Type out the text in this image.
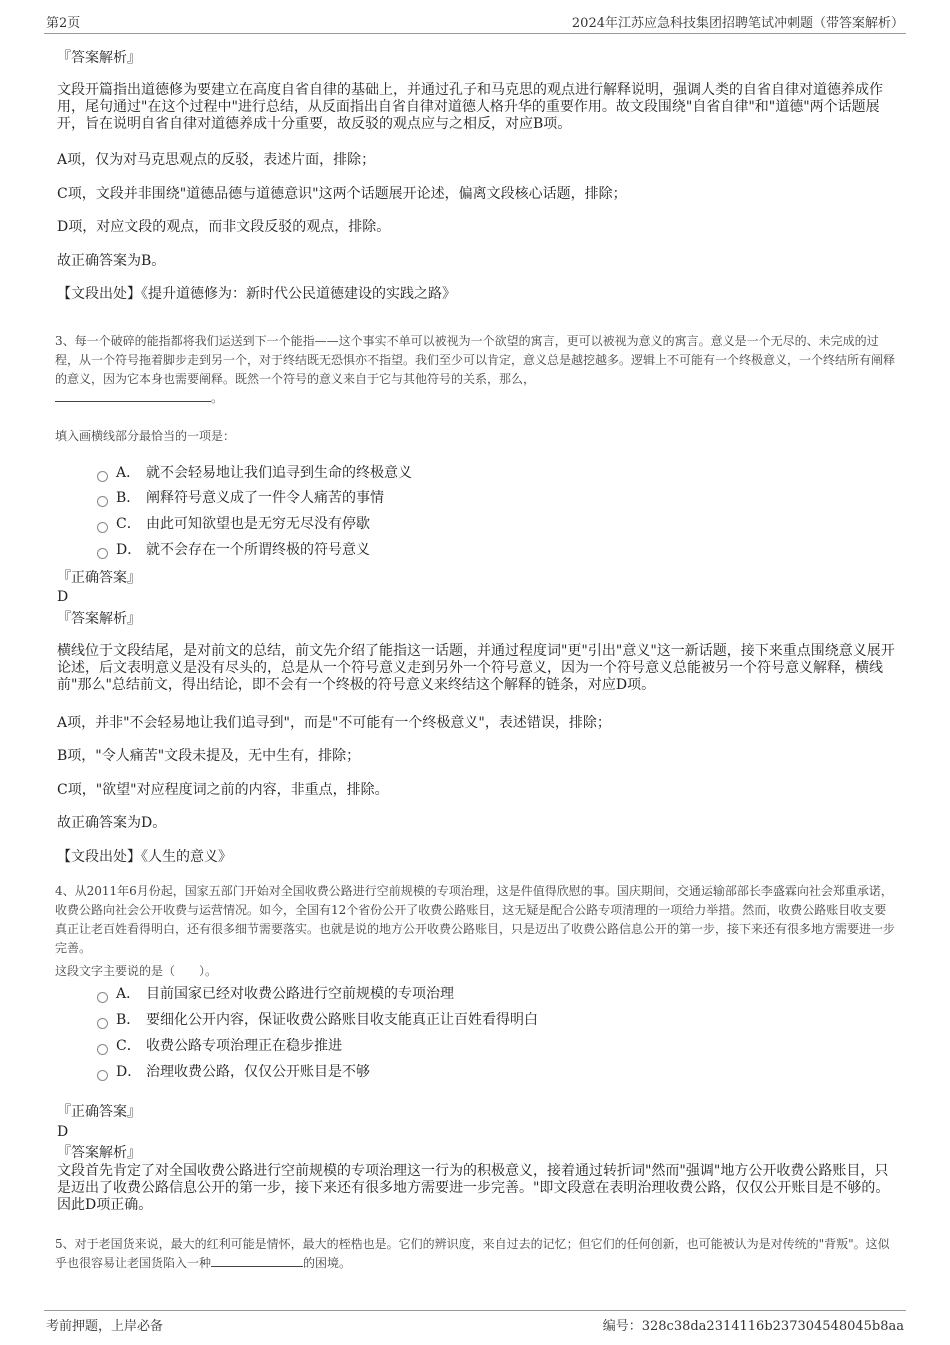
第2页	2024年江苏应急科技集团招聘笔试冲刺题（带答案解析）
『答案解析』
文段开篇指出道德修为要建立在高度自省自律的基础上，并通过孔子和马克思的观点进行解释说明，强调人类的自省自律对道德养成作用，尾句通过"在这个过程中"进行总结，从反面指出自省自律对道德人格升华的重要作用。故文段围绕"自省自律"和"道德"两个话题展开，旨在说明自省自律对道德养成十分重要，故反驳的观点应与之相反，对应B项。
A项，仅为对马克思观点的反驳，表述片面，排除；
C项，文段并非围绕"道德品德与道德意识"这两个话题展开论述，偏离文段核心话题，排除；
D项，对应文段的观点，而非文段反驳的观点，排除。
故正确答案为B。
【文段出处】《提升道德修为：新时代公民道德建设的实践之路》
3、每一个破碎的能指都将我们运送到下一个能指——这个事实不单可以被视为一个欲望的寓言，更可以被视为意义的寓言。意义是一个无尽的、未完成的过程，从一个符号拖着脚步走到另一个，对于终结既无恐惧亦不指望。我们至少可以肯定，意义总是越挖越多。逻辑上不可能有一个终极意义，一个终结所有阐释的意义，因为它本身也需要阐释。既然一个符号的意义来自于它与其他符号的关系，那么，
。
填入画横线部分最恰当的一项是：
A． 就不会轻易地让我们追寻到生命的终极意义
B． 阐释符号意义成了一件令人痛苦的事情
C． 由此可知欲望也是无穷无尽没有停歇
D． 就不会存在一个所谓终极的符号意义
『正确答案』
D
『答案解析』
横线位于文段结尾，是对前文的总结，前文先介绍了能指这一话题，并通过程度词"更"引出"意义"这一新话题，接下来重点围绕意义展开论述，后文表明意义是没有尽头的，总是从一个符号意义走到另外一个符号意义，因为一个符号意义总能被另一个符号意义解释，横线前"那么"总结前文，得出结论，即不会有一个终极的符号意义来终结这个解释的链条，对应D项。
A项，并非"不会轻易地让我们追寻到"，而是"不可能有一个终极意义"，表述错误，排除；
B项，"令人痛苦"文段未提及，无中生有，排除；
C项，"欲望"对应程度词之前的内容，非重点，排除。
故正确答案为D。
【文段出处】《人生的意义》
4、从2011年6月份起，国家五部门开始对全国收费公路进行空前规模的专项治理，这是件值得欣慰的事。国庆期间，交通运输部部长李盛霖向社会郑重承诺，收费公路向社会公开收费与运营情况。如今，全国有12个省份公开了收费公路账目，这无疑是配合公路专项清理的一项给力举措。然而，收费公路账目收支要真正让老百姓看得明白，还有很多细节需要落实。也就是说的地方公开收费公路账目，只是迈出了收费公路信息公开的第一步，接下来还有很多地方需要进一步完善。
这段文字主要说的是（　　）。
A． 目前国家已经对收费公路进行空前规模的专项治理
B． 要细化公开内容，保证收费公路账目收支能真正让百姓看得明白
C． 收费公路专项治理正在稳步推进
D． 治理收费公路，仅仅公开账目是不够
『正确答案』
D
『答案解析』
文段首先肯定了对全国收费公路进行空前规模的专项治理这一行为的积极意义，接着通过转折词"然而"强调"地方公开收费公路账目，只是迈出了收费公路信息公开的第一步，接下来还有很多地方需要进一步完善。"即文段意在表明治理收费公路，仅仅公开账目是不够的。因此D项正确。
5、对于老国货来说，最大的红利可能是情怀，最大的桎梏也是。它们的辨识度，来自过去的记忆；但它们的任何创新，也可能被认为是对传统的"背叛"。这似乎也很容易让老国货陷入一种	的困境。
考前押题，上岸必备	编号：328c38da2314116b237304548045b8aa
